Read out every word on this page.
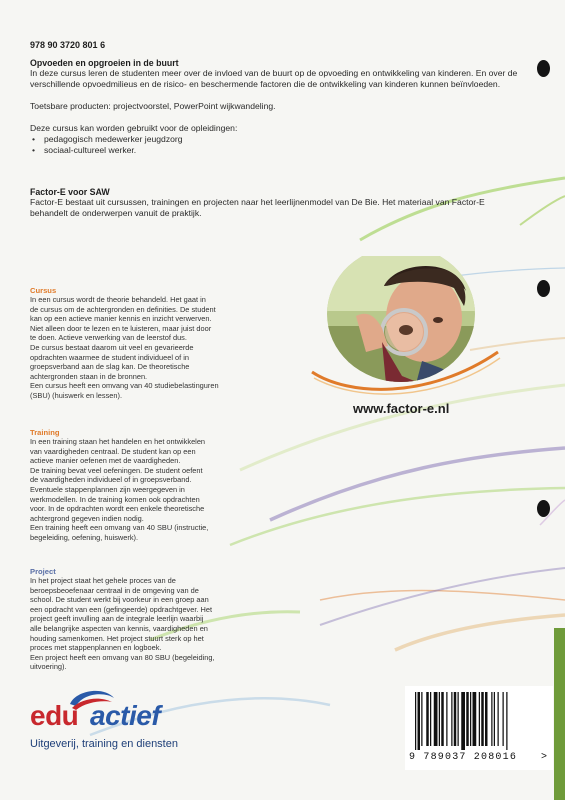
978 90 3720 801 6
Opvoeden en opgroeien in de buurt
In deze cursus leren de studenten meer over de invloed van de buurt op de opvoeding en ontwikkeling van kinderen. En over de verschillende opvoedmilieus en de risico- en beschermende factoren die de ontwikkeling van kinderen kunnen beïnvloeden.
Toetsbare producten: projectvoorstel, PowerPoint wijkwandeling.
Deze cursus kan worden gebruikt voor de opleidingen:
• pedagogisch medewerker jeugdzorg
• sociaal-cultureel werker.
Factor-E voor SAW
Factor-E bestaat uit cursussen, trainingen en projecten naar het leerlijnenmodel van De Bie. Het materiaal van Factor-E behandelt de onderwerpen vanuit de praktijk.
www.factor-e.nl
Cursus
In een cursus wordt de theorie behandeld. Het gaat in
de cursus om de achtergronden en definities. De student
kan op een actieve manier kennis en inzicht verwerven.
Niet alleen door te lezen en te luisteren, maar juist door
te doen. Actieve verwerking van de leerstof dus.
De cursus bestaat daarom uit veel en gevarieerde
opdrachten waarmee de student individueel of in
groepsverband aan de slag kan. De theoretische
achtergronden staan in de bronnen.
Een cursus heeft een omvang van 40 studiebelastinguren
(SBU) (huiswerk en lessen).
Training
In een training staan het handelen en het ontwikkelen
van vaardigheden centraal. De student kan op een
actieve manier oefenen met de vaardigheden.
De training bevat veel oefeningen. De student oefent
de vaardigheden individueel of in groepsverband.
Eventuele stappenplannen zijn weergegeven in
werkmodellen. In de training komen ook opdrachten
voor. In de opdrachten wordt een enkele theoretische
achtergrond gegeven indien nodig.
Een training heeft een omvang van 40 SBU (instructie,
begeleiding, oefening, huiswerk).
Project
In het project staat het gehele proces van de
beroepsbeoefenaar centraal in de omgeving van de
school. De student werkt bij voorkeur in een groep aan
een opdracht van een (gefingeerde) opdrachtgever. Het
project geeft invulling aan de integrale leerlijn waarbij
alle belangrijke aspecten van kennis, vaardigheden en
houding samenkomen. Het project stuurt sterk op het
proces met stappenplannen en logboek.
Een project heeft een omvang van 80 SBU (begeleiding,
uitvoering).
edu actief
Uitgeverij, training en diensten
9 789037 208016 >
